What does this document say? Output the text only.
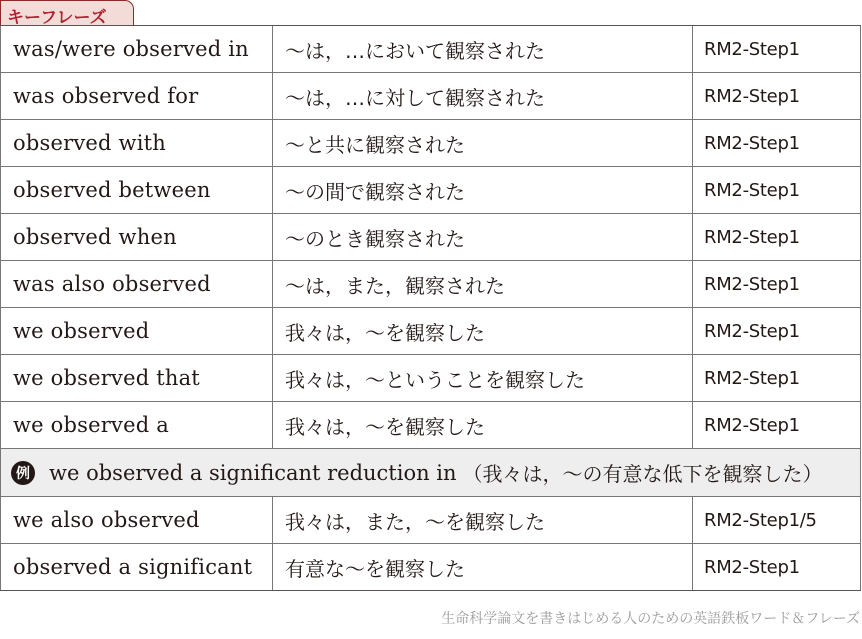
キーフレーズ
was/were observed in	～は，…において観察された	RM2-Step1
was observed for	～は，…に対して観察された	RM2-Step1
observed with	～と共に観察された	RM2-Step1
observed between	～の間で観察された	RM2-Step1
observed when	～のとき観察された	RM2-Step1
was also observed	～は，また，観察された	RM2-Step1
we observed	我々は，～を観察した	RM2-Step1
we observed that	我々は，～ということを観察した	RM2-Step1
we observed a	我々は，～を観察した	RM2-Step1
例 we observed a significant reduction in （我々は，～の有意な低下を観察した）
we also observed	我々は，また，～を観察した	RM2-Step1/5
observed a significant	有意な～を観察した	RM2-Step1
生命科学論文を書きはじめる人のための英語鉄板ワード＆フレーズ
